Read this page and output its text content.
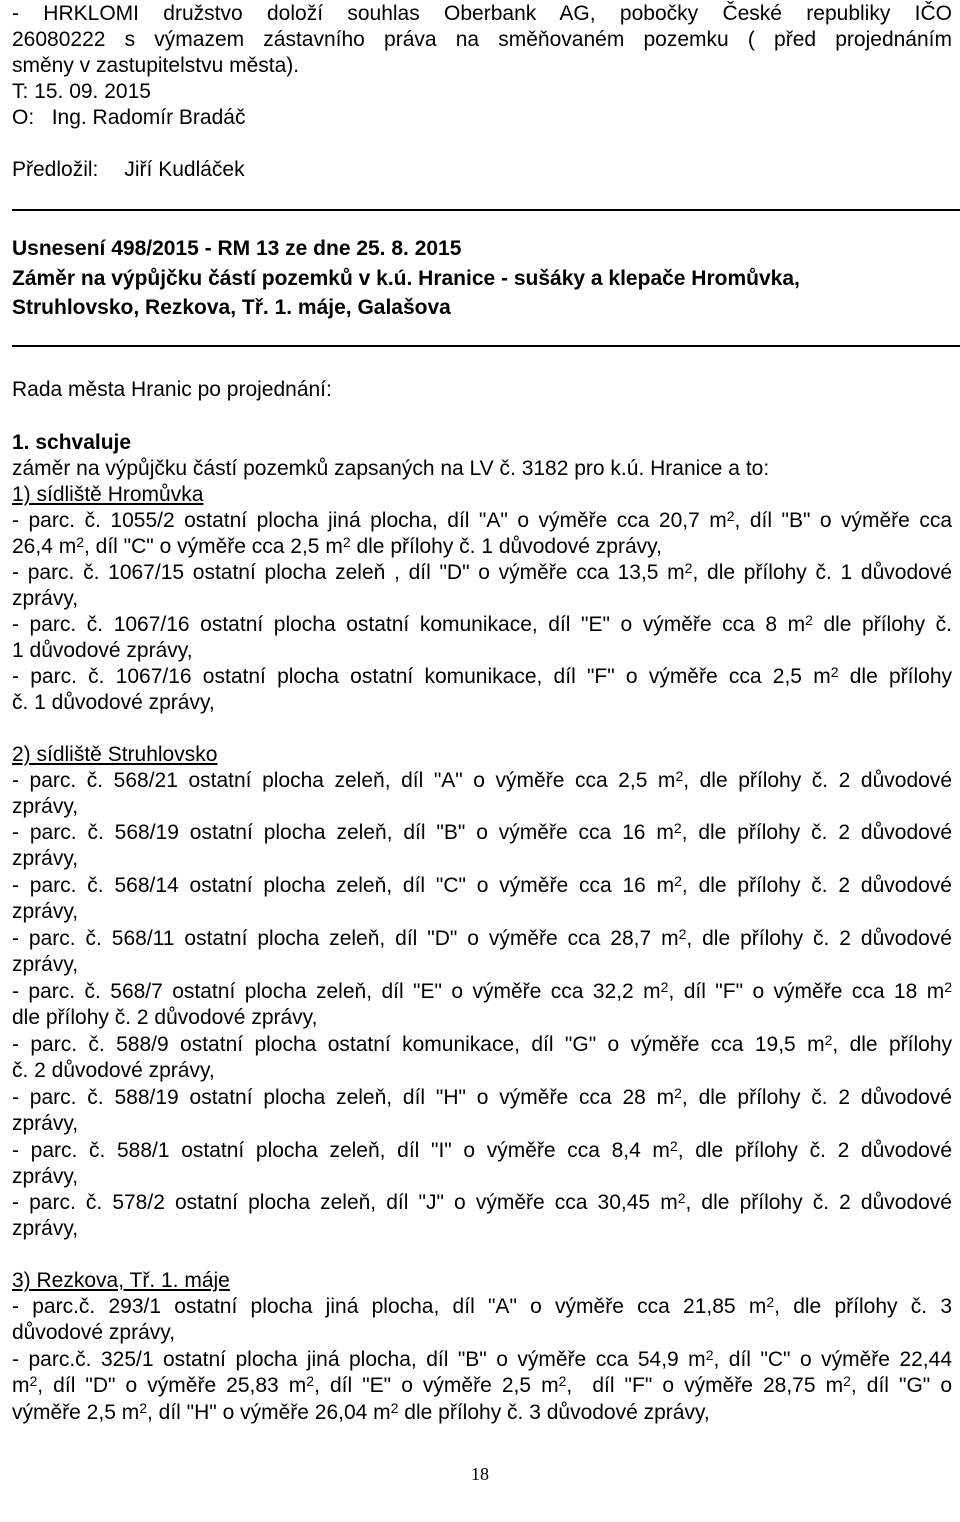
- HRKLOMI družstvo doloží souhlas Oberbank AG, pobočky České republiky IČO
26080222 s výmazem zástavního práva na směňovaném pozemku ( před projednáním
směny v zastupitelstvu města).
T: 15. 09. 2015
O:   Ing. Radomír Bradáč
Předložil: Jiří Kudláček
Usnesení 498/2015 - RM 13 ze dne 25. 8. 2015
Záměr na výpůjčku částí pozemků v k.ú. Hranice - sušáky a klepače Hromůvka,
Struhlovsko, Rezkova, Tř. 1. máje, Galašova
Rada města Hranic po projednání:
1. schvaluje
záměr na výpůjčku částí pozemků zapsaných na LV č. 3182 pro k.ú. Hranice a to:
1) sídliště Hromůvka
- parc. č. 1055/2 ostatní plocha jiná plocha, díl "A" o výměře cca 20,7 $m^2$, díl "B" o výměře cca
26,4 $m^2$, díl "C" o výměře cca 2,5 $m^2$ dle přílohy č. 1 důvodové zprávy,
- parc. č. 1067/15 ostatní plocha zeleň , díl "D" o výměře cca 13,5 $m^2$, dle přílohy č. 1 důvodové
zprávy,
- parc. č. 1067/16 ostatní plocha ostatní komunikace, díl "E" o výměře cca 8 $m^2$ dle přílohy č.
1 důvodové zprávy,
- parc. č. 1067/16 ostatní plocha ostatní komunikace, díl "F" o výměře cca 2,5 $m^2$ dle přílohy
č. 1 důvodové zprávy,
2) sídliště Struhlovsko
- parc. č. 568/21 ostatní plocha zeleň, díl "A" o výměře cca 2,5 $m^2$, dle přílohy č. 2 důvodové
zprávy,
- parc. č. 568/19 ostatní plocha zeleň, díl "B" o výměře cca 16 $m^2$, dle přílohy č. 2 důvodové
zprávy,
- parc. č. 568/14 ostatní plocha zeleň, díl "C" o výměře cca 16 $m^2$, dle přílohy č. 2 důvodové
zprávy,
- parc. č. 568/11 ostatní plocha zeleň, díl "D" o výměře cca 28,7 $m^2$, dle přílohy č. 2 důvodové
zprávy,
- parc. č. 568/7 ostatní plocha zeleň, díl "E" o výměře cca 32,2 $m^2$, díl "F" o výměře cca 18 $m^2$
dle přílohy č. 2 důvodové zprávy,
- parc. č. 588/9 ostatní plocha ostatní komunikace, díl "G" o výměře cca 19,5 $m^2$, dle přílohy
č. 2 důvodové zprávy,
- parc. č. 588/19 ostatní plocha zeleň, díl "H" o výměře cca 28 $m^2$, dle přílohy č. 2 důvodové
zprávy,
- parc. č. 588/1 ostatní plocha zeleň, díl "I" o výměře cca 8,4 $m^2$, dle přílohy č. 2 důvodové
zprávy,
- parc. č. 578/2 ostatní plocha zeleň, díl "J" o výměře cca 30,45 $m^2$, dle přílohy č. 2 důvodové
zprávy,
3) Rezkova, Tř. 1. máje
- parc.č. 293/1 ostatní plocha jiná plocha, díl "A" o výměře cca 21,85 $m^2$, dle přílohy č. 3
důvodové zprávy,
- parc.č. 325/1 ostatní plocha jiná plocha, díl "B" o výměře cca 54,9 $m^2$, díl "C" o výměře 22,44
$m^2$, díl "D" o výměře 25,83 $m^2$, díl "E" o výměře 2,5 $m^2$,  díl "F" o výměře 28,75 $m^2$, díl "G" o
výměře 2,5 $m^2$, díl "H" o výměře 26,04 $m^2$ dle přílohy č. 3 důvodové zprávy,
18
